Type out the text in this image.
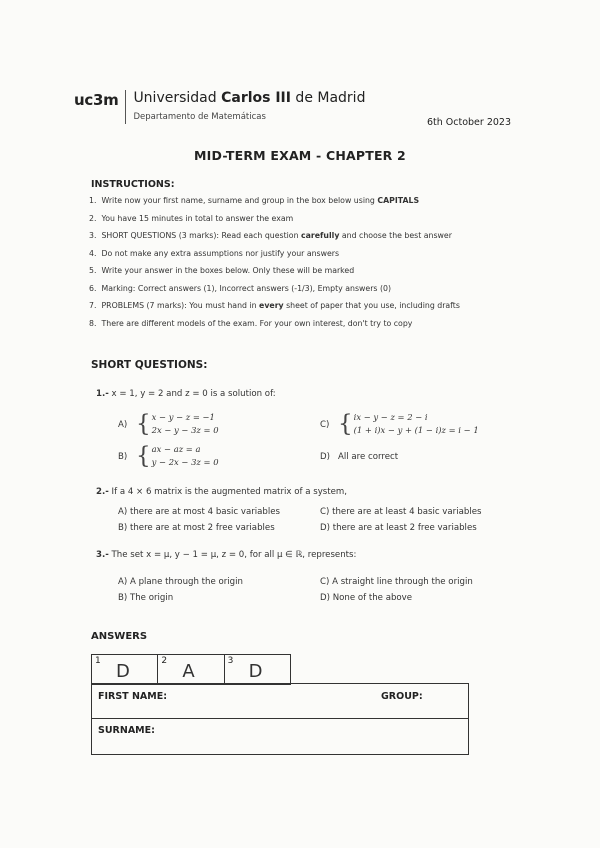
uc3m Universidad Carlos III de Madrid
Departamento de Matemáticas	6th October 2023
MID-TERM EXAM - CHAPTER 2
INSTRUCTIONS:
1. Write now your first name, surname and group in the box below using CAPITALS
2. You have 15 minutes in total to answer the exam
3. SHORT QUESTIONS (3 marks): Read each question carefully and choose the best answer
4. Do not make any extra assumptions nor justify your answers
5. Write your answer in the boxes below. Only these will be marked
6. Marking: Correct answers (1), Incorrect answers (-1/3), Empty answers (0)
7. PROBLEMS (7 marks): You must hand in every sheet of paper that you use, including drafts
8. There are different models of the exam. For your own interest, don't try to copy
SHORT QUESTIONS:
1.- x = 1, y = 2 and z = 0 is a solution of:
A) { x − y − z = −1
2x − y − 3z = 0
B) { ax − az = a
y − 2x − 3z = 0
C) { ix − y − z = 2 − i
(1 + i)x − y + (1 − i)z = i − 1
D) All are correct
2.- If a 4 × 6 matrix is the augmented matrix of a system,
A) there are at most 4 basic variables
B) there are at most 2 free variables
C) there are at least 4 basic variables
D) there are at least 2 free variables
3.- The set x = μ, y − 1 = μ, z = 0, for all μ ∈ ℝ, represents:
A) A plane through the origin
B) The origin
C) A straight line through the origin
D) None of the above
ANSWERS
1 D	2 A	3 D
FIRST NAME:	GROUP:
SURNAME:
